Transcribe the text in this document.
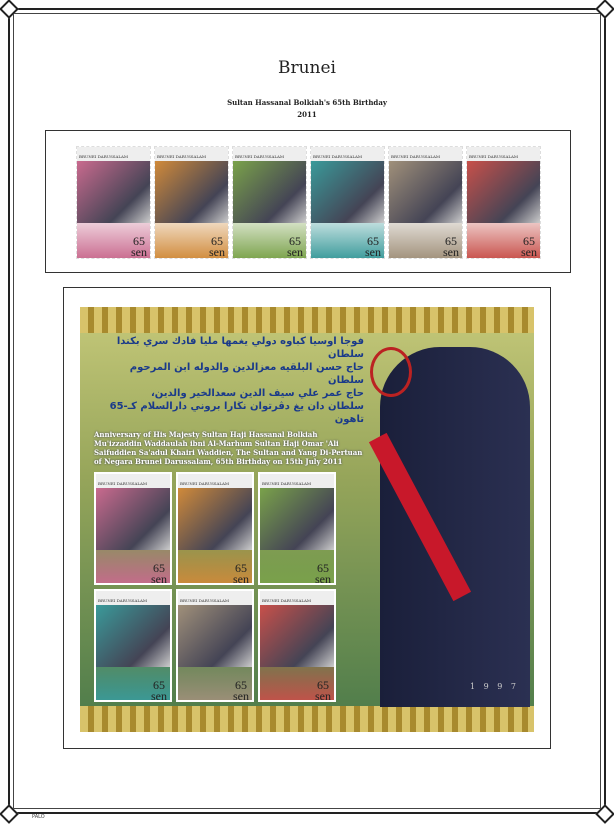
Brunei
Sultan Hassanal Bolkiah's 65th Birthday
2011
BRUNEI DARUSSALAM
65
sen
BRUNEI DARUSSALAM
65
sen
BRUNEI DARUSSALAM
65
sen
BRUNEI DARUSSALAM
65
sen
BRUNEI DARUSSALAM
65
sen
BRUNEI DARUSSALAM
65
sen
فوجا اوسيا كباوه دولي يغمها مليا فادك سري بكندا سلطان
حاج حسن البلقيه معزالدين والدوله ابن المرحوم سلطان
حاج عمر علي سيف الدين سعدالخير والدين،
سلطان دان يغ دڤرتوان نڬارا بروني دارالسلام كـ-65 تاهون
Anniversary of His Majesty Sultan Haji Hassanal Bolkiah Mu'izzaddin Waddaulah ibni Al-Marhum Sultan Haji Omar 'Ali Saifuddien Sa'adul Khairi Waddien, The Sultan and Yang Di-Pertuan of Negara Brunei Darussalam, 65th Birthday on 15th July 2011
1 9 9 7
BRUNEI DARUSSALAM
65
sen
BRUNEI DARUSSALAM
65
sen
BRUNEI DARUSSALAM
65
sen
BRUNEI DARUSSALAM
65
sen
BRUNEI DARUSSALAM
65
sen
BRUNEI DARUSSALAM
65
sen
PALO
